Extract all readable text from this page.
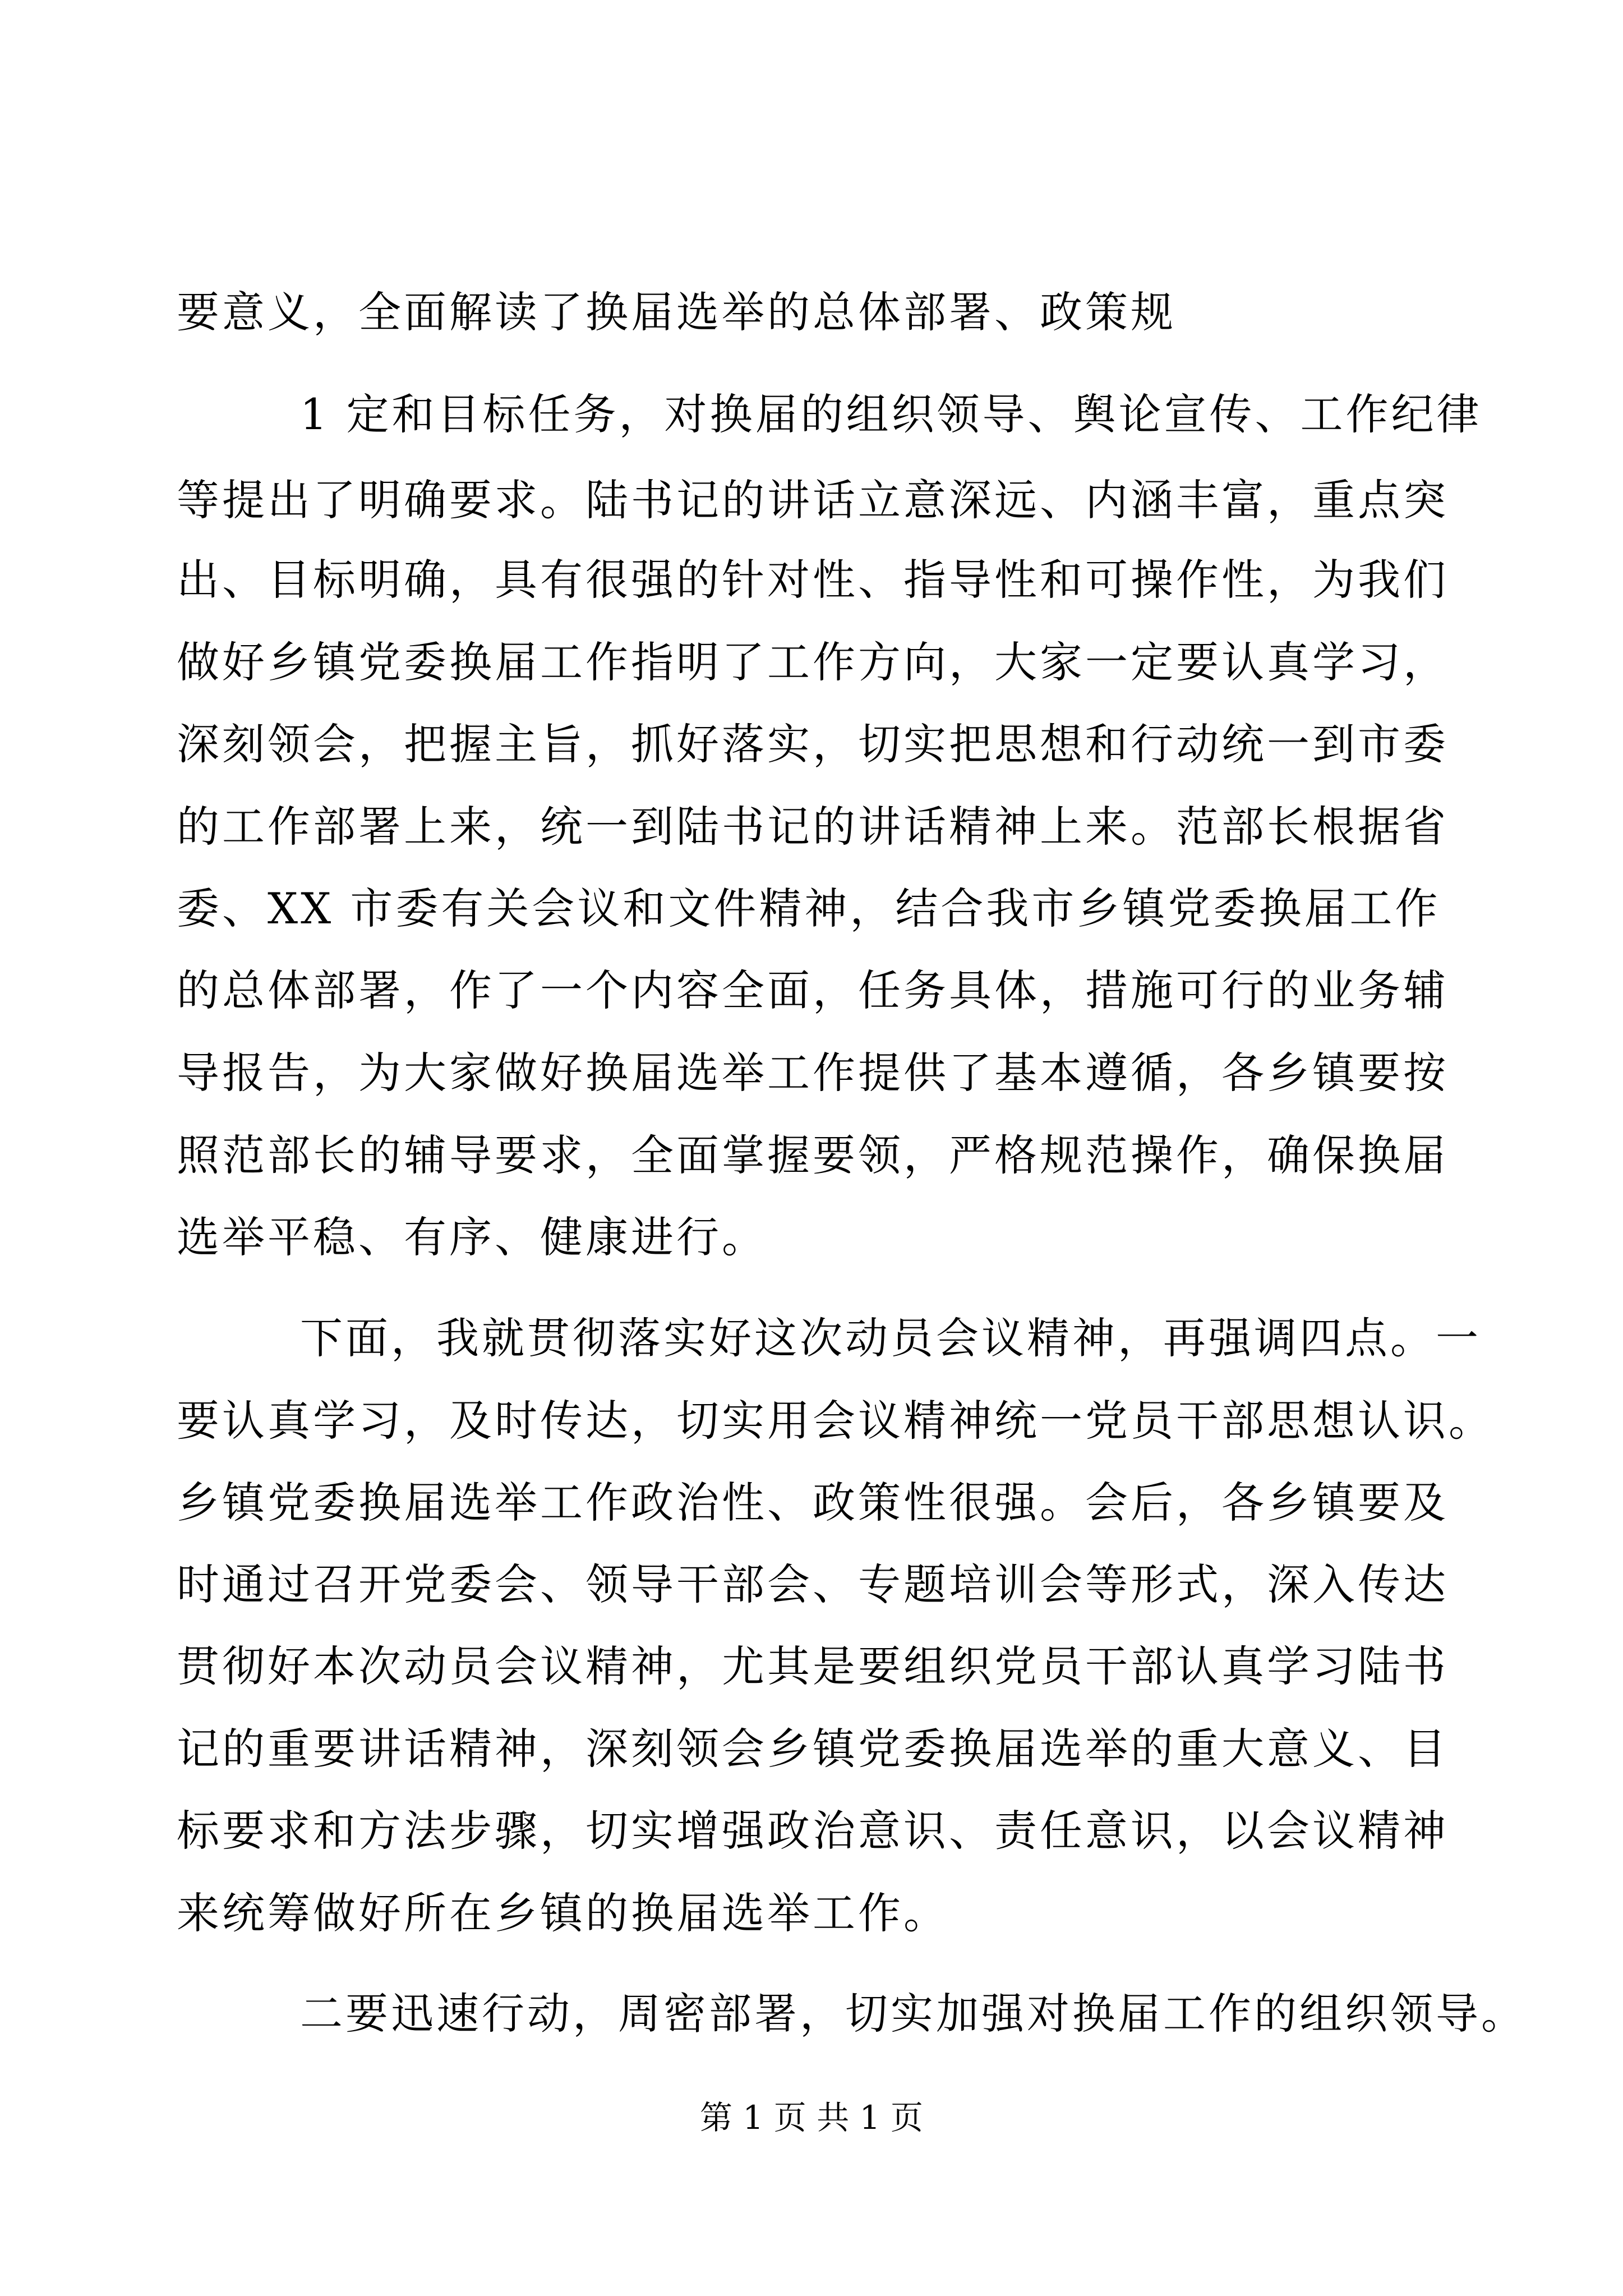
要意义，全面解读了换届选举的总体部署、政策规
1 定和目标任务，对换届的组织领导、舆论宣传、工作纪律
等提出了明确要求。陆书记的讲话立意深远、内涵丰富，重点突
出、目标明确，具有很强的针对性、指导性和可操作性，为我们
做好乡镇党委换届工作指明了工作方向，大家一定要认真学习，
深刻领会，把握主旨，抓好落实，切实把思想和行动统一到市委
的工作部署上来，统一到陆书记的讲话精神上来。范部长根据省
委、XX 市委有关会议和文件精神，结合我市乡镇党委换届工作
的总体部署，作了一个内容全面，任务具体，措施可行的业务辅
导报告，为大家做好换届选举工作提供了基本遵循，各乡镇要按
照范部长的辅导要求，全面掌握要领，严格规范操作，确保换届
选举平稳、有序、健康进行。
下面，我就贯彻落实好这次动员会议精神，再强调四点。一
要认真学习，及时传达，切实用会议精神统一党员干部思想认识。
乡镇党委换届选举工作政治性、政策性很强。会后，各乡镇要及
时通过召开党委会、领导干部会、专题培训会等形式，深入传达
贯彻好本次动员会议精神，尤其是要组织党员干部认真学习陆书
记的重要讲话精神，深刻领会乡镇党委换届选举的重大意义、目
标要求和方法步骤，切实增强政治意识、责任意识，以会议精神
来统筹做好所在乡镇的换届选举工作。
二要迅速行动，周密部署，切实加强对换届工作的组织领导。
第 1 页 共 1 页
